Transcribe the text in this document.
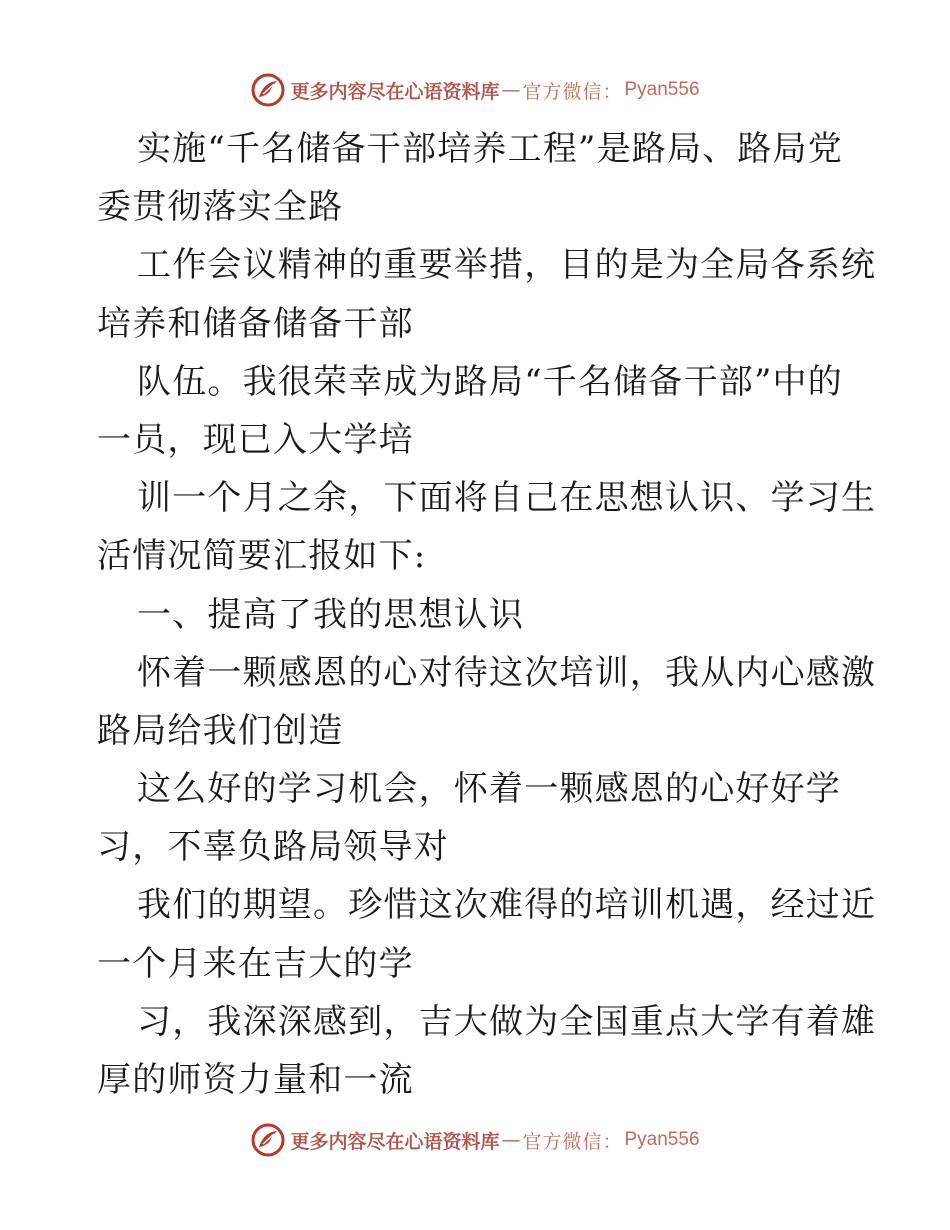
更多内容尽在心语资料库 — 官方微信： Pyan556
实施“千名储备干部培养工程”是路局、路局党
委贯彻落实全路
工作会议精神的重要举措，目的是为全局各系统
培养和储备储备干部
队伍。我很荣幸成为路局“千名储备干部”中的
一员，现已入大学培
训一个月之余，下面将自己在思想认识、学习生
活情况简要汇报如下:
一、提高了我的思想认识
怀着一颗感恩的心对待这次培训，我从内心感激
路局给我们创造
这么好的学习机会，怀着一颗感恩的心好好学
习，不辜负路局领导对
我们的期望。珍惜这次难得的培训机遇，经过近
一个月来在吉大的学
习，我深深感到，吉大做为全国重点大学有着雄
厚的师资力量和一流
更多内容尽在心语资料库 — 官方微信： Pyan556
